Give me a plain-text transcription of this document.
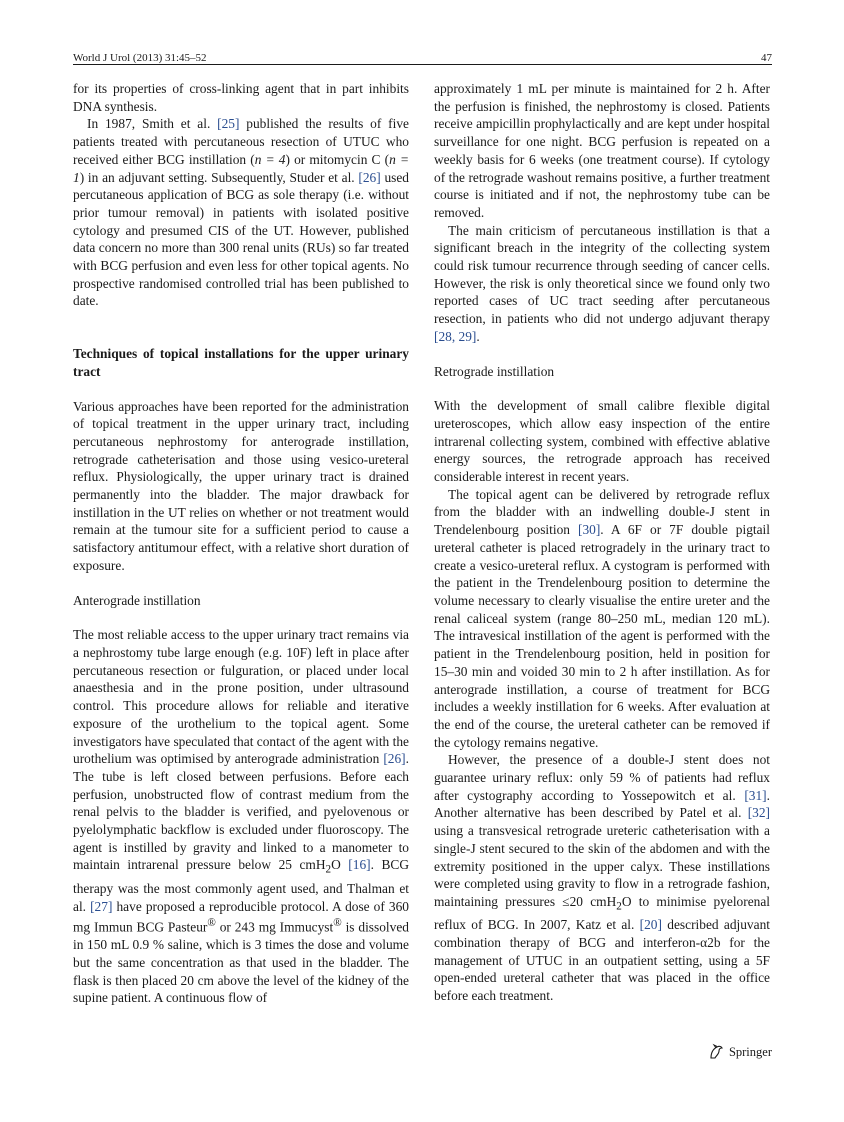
World J Urol (2013) 31:45–52	47

for its properties of cross-linking agent that in part inhibits DNA synthesis.

In 1987, Smith et al. [25] published the results of five patients treated with percutaneous resection of UTUC who received either BCG instillation (n = 4) or mitomycin C (n = 1) in an adjuvant setting. Subsequently, Studer et al. [26] used percutaneous application of BCG as sole therapy (i.e. without prior tumour removal) in patients with isolated positive cytology and presumed CIS of the UT. However, published data concern no more than 300 renal units (RUs) so far treated with BCG perfusion and even less for other topical agents. No prospective randomised controlled trial has been published to date.

Techniques of topical installations for the upper urinary tract

Various approaches have been reported for the administration of topical treatment in the upper urinary tract, including percutaneous nephrostomy for anterograde instillation, retrograde catheterisation and those using vesico-ureteral reflux. Physiologically, the upper urinary tract is drained permanently into the bladder. The major drawback for instillation in the UT relies on whether or not treatment would remain at the tumour site for a sufficient period to cause a satisfactory antitumour effect, with a relative short duration of exposure.

Anterograde instillation

The most reliable access to the upper urinary tract remains via a nephrostomy tube large enough (e.g. 10F) left in place after percutaneous resection or fulguration, or placed under local anaesthesia and in the prone position, under ultrasound control. This procedure allows for reliable and iterative exposure of the urothelium to the topical agent. Some investigators have speculated that contact of the agent with the urothelium was optimised by anterograde administration [26]. The tube is left closed between perfusions. Before each perfusion, unobstructed flow of contrast medium from the renal pelvis to the bladder is verified, and pyelovenous or pyelolymphatic backflow is excluded under fluoroscopy. The agent is instilled by gravity and linked to a manometer to maintain intrarenal pressure below 25 cmH$_2$O [16]. BCG therapy was the most commonly agent used, and Thalman et al. [27] have proposed a reproducible protocol. A dose of 360 mg Immun BCG Pasteur® or 243 mg Immucyst® is dissolved in 150 mL 0.9 % saline, which is 3 times the dose and volume but the same concentration as that used in the bladder. The flask is then placed 20 cm above the level of the kidney of the supine patient. A continuous flow of

approximately 1 mL per minute is maintained for 2 h. After the perfusion is finished, the nephrostomy is closed. Patients receive ampicillin prophylactically and are kept under hospital surveillance for one night. BCG perfusion is repeated on a weekly basis for 6 weeks (one treatment course). If cytology of the retrograde washout remains positive, a further treatment course is initiated and if not, the nephrostomy tube can be removed.

The main criticism of percutaneous instillation is that a significant breach in the integrity of the collecting system could risk tumour recurrence through seeding of cancer cells. However, the risk is only theoretical since we found only two reported cases of UC tract seeding after percutaneous resection, in patients who did not undergo adjuvant therapy [28, 29].

Retrograde instillation

With the development of small calibre flexible digital ureteroscopes, which allow easy inspection of the entire intrarenal collecting system, combined with effective ablative energy sources, the retrograde approach has received considerable interest in recent years.

The topical agent can be delivered by retrograde reflux from the bladder with an indwelling double-J stent in Trendelenbourg position [30]. A 6F or 7F double pigtail ureteral catheter is placed retrogradely in the urinary tract to create a vesico-ureteral reflux. A cystogram is performed with the patient in the Trendelenbourg position to determine the volume necessary to clearly visualise the entire ureter and the renal caliceal system (range 80–250 mL, median 120 mL). The intravesical instillation of the agent is performed with the patient in the Trendelenbourg position, held in position for 15–30 min and voided 30 min to 2 h after instillation. As for anterograde instillation, a course of treatment for BCG includes a weekly instillation for 6 weeks. After evaluation at the end of the course, the ureteral catheter can be removed if the cytology remains negative.

However, the presence of a double-J stent does not guarantee urinary reflux: only 59 % of patients had reflux after cystography according to Yossepowitch et al. [31]. Another alternative has been described by Patel et al. [32] using a transvesical retrograde ureteric catheterisation with a single-J stent secured to the skin of the abdomen and with the extremity positioned in the upper calyx. These instillations were completed using gravity to flow in a retrograde fashion, maintaining pressures ≤20 cmH$_2$O to minimise pyelorenal reflux of BCG. In 2007, Katz et al. [20] described adjuvant combination therapy of BCG and interferon-α2b for the management of UTUC in an outpatient setting, using a 5F open-ended ureteral catheter that was placed in the office before each treatment.

Springer
